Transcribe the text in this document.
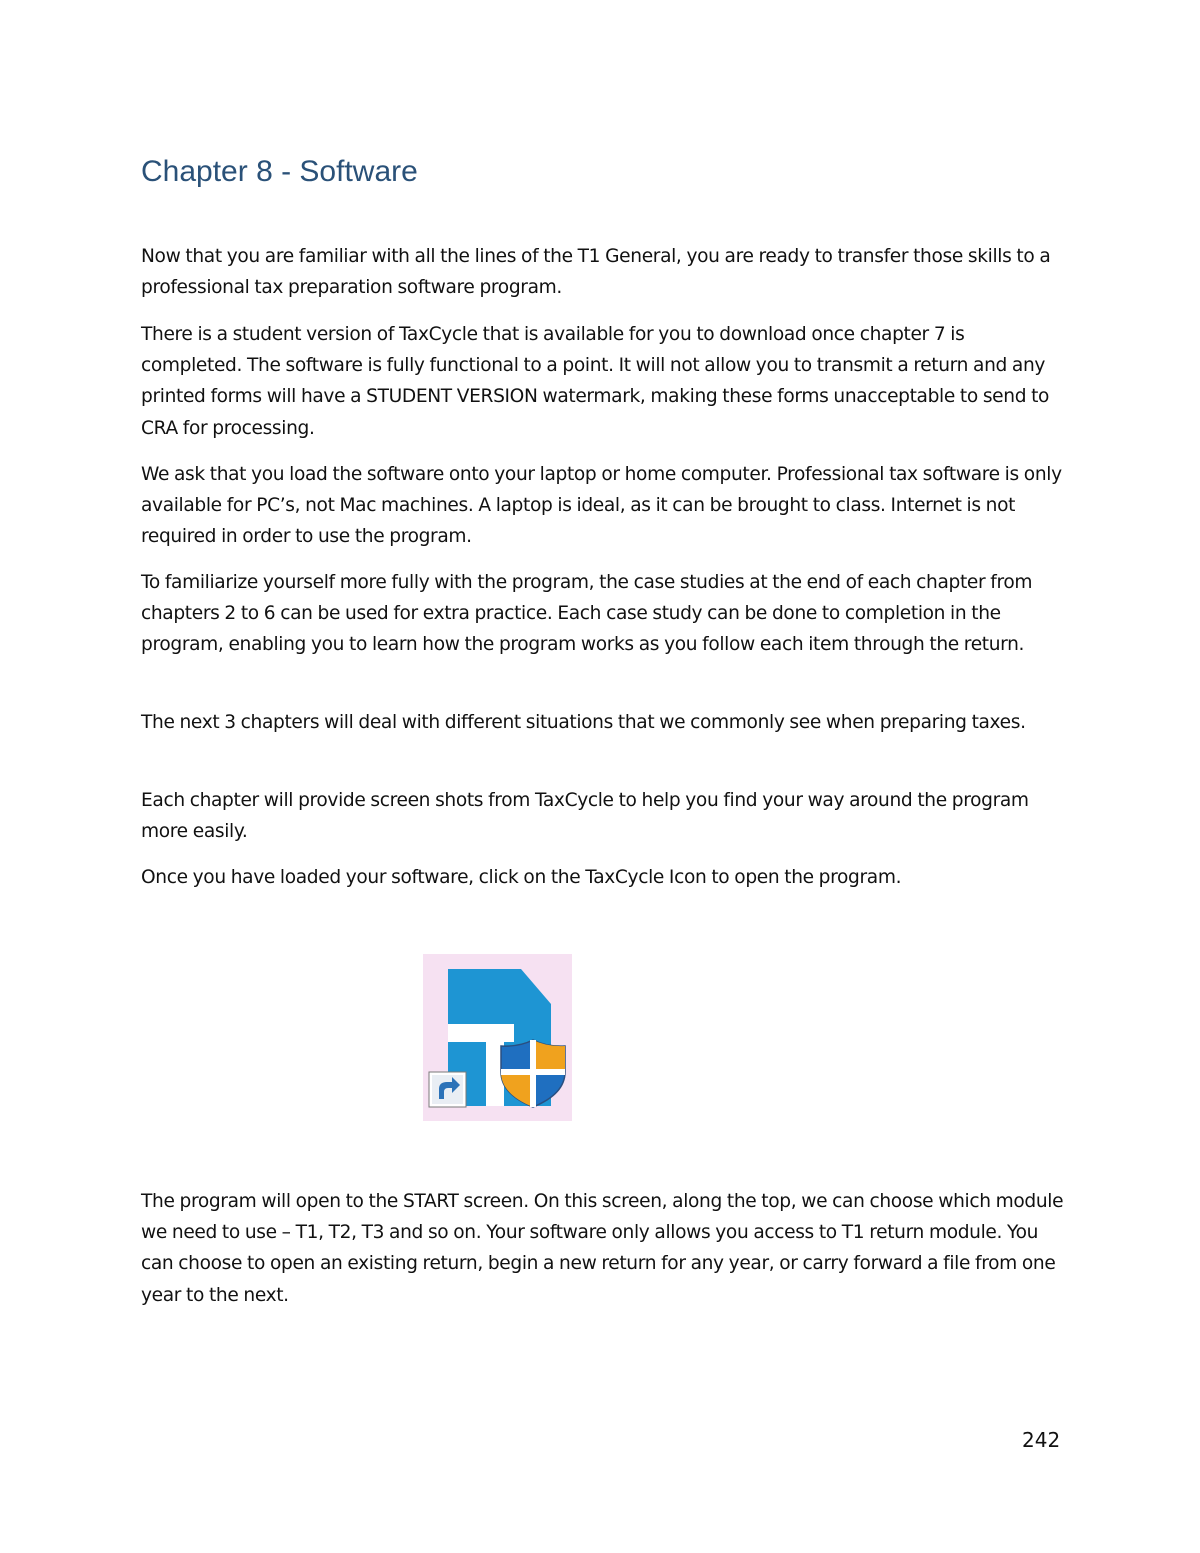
Chapter 8 - Software

Now that you are familiar with all the lines of the T1 General, you are ready to transfer those skills to a professional tax preparation software program.

There is a student version of TaxCycle that is available for you to download once chapter 7 is completed. The software is fully functional to a point. It will not allow you to transmit a return and any printed forms will have a STUDENT VERSION watermark, making these forms unacceptable to send to CRA for processing.

We ask that you load the software onto your laptop or home computer. Professional tax software is only available for PC’s, not Mac machines. A laptop is ideal, as it can be brought to class. Internet is not required in order to use the program.

To familiarize yourself more fully with the program, the case studies at the end of each chapter from chapters 2 to 6 can be used for extra practice. Each case study can be done to completion in the program, enabling you to learn how the program works as you follow each item through the return.

The next 3 chapters will deal with different situations that we commonly see when preparing taxes.

Each chapter will provide screen shots from TaxCycle to help you find your way around the program more easily.

Once you have loaded your software, click on the TaxCycle Icon to open the program.

The program will open to the START screen. On this screen, along the top, we can choose which module we need to use – T1, T2, T3 and so on. Your software only allows you access to T1 return module. You can choose to open an existing return, begin a new return for any year, or carry forward a file from one year to the next.

242
